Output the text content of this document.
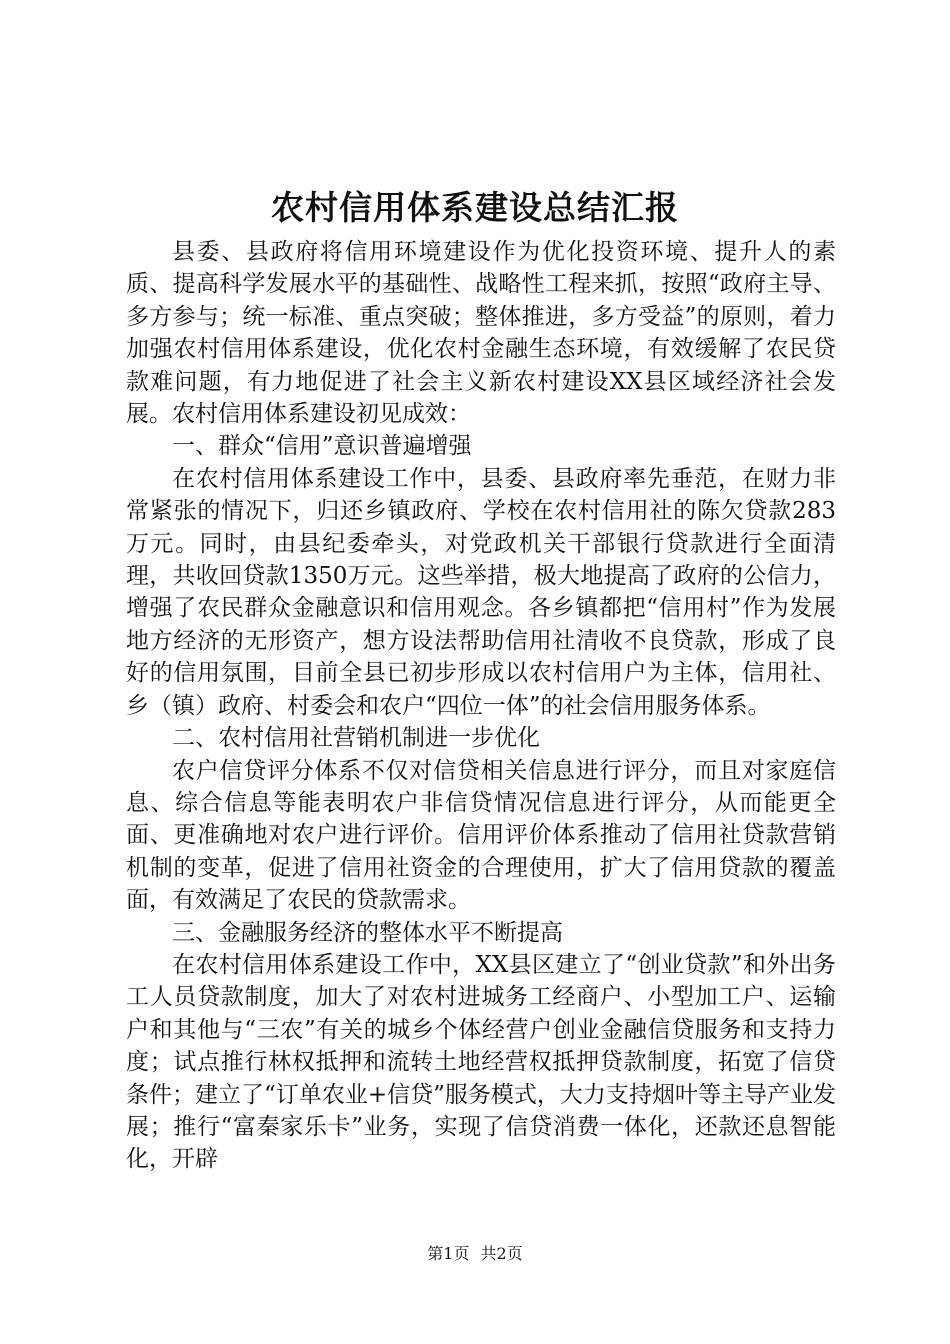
农村信用体系建设总结汇报

县委、县政府将信用环境建设作为优化投资环境、提升人的素质、提高科学发展水平的基础性、战略性工程来抓，按照“政府主导、多方参与；统一标准、重点突破；整体推进，多方受益”的原则，着力加强农村信用体系建设，优化农村金融生态环境，有效缓解了农民贷款难问题，有力地促进了社会主义新农村建设XX县区域经济社会发展。农村信用体系建设初见成效：

一、群众“信用”意识普遍增强

在农村信用体系建设工作中，县委、县政府率先垂范，在财力非常紧张的情况下，归还乡镇政府、学校在农村信用社的陈欠贷款283万元。同时，由县纪委牵头，对党政机关干部银行贷款进行全面清理，共收回贷款1350万元。这些举措，极大地提高了政府的公信力，增强了农民群众金融意识和信用观念。各乡镇都把“信用村”作为发展地方经济的无形资产，想方设法帮助信用社清收不良贷款，形成了良好的信用氛围，目前全县已初步形成以农村信用户为主体，信用社、乡（镇）政府、村委会和农户“四位一体”的社会信用服务体系。

二、农村信用社营销机制进一步优化

农户信贷评分体系不仅对信贷相关信息进行评分，而且对家庭信息、综合信息等能表明农户非信贷情况信息进行评分，从而能更全面、更准确地对农户进行评价。信用评价体系推动了信用社贷款营销机制的变革，促进了信用社资金的合理使用，扩大了信用贷款的覆盖面，有效满足了农民的贷款需求。

三、金融服务经济的整体水平不断提高

在农村信用体系建设工作中，XX县区建立了“创业贷款”和外出务工人员贷款制度，加大了对农村进城务工经商户、小型加工户、运输户和其他与“三农”有关的城乡个体经营户创业金融信贷服务和支持力度；试点推行林权抵押和流转土地经营权抵押贷款制度，拓宽了信贷条件；建立了“订单农业+信贷”服务模式，大力支持烟叶等主导产业发展；推行“富秦家乐卡”业务，实现了信贷消费一体化，还款还息智能化，开辟

第1页 共2页
